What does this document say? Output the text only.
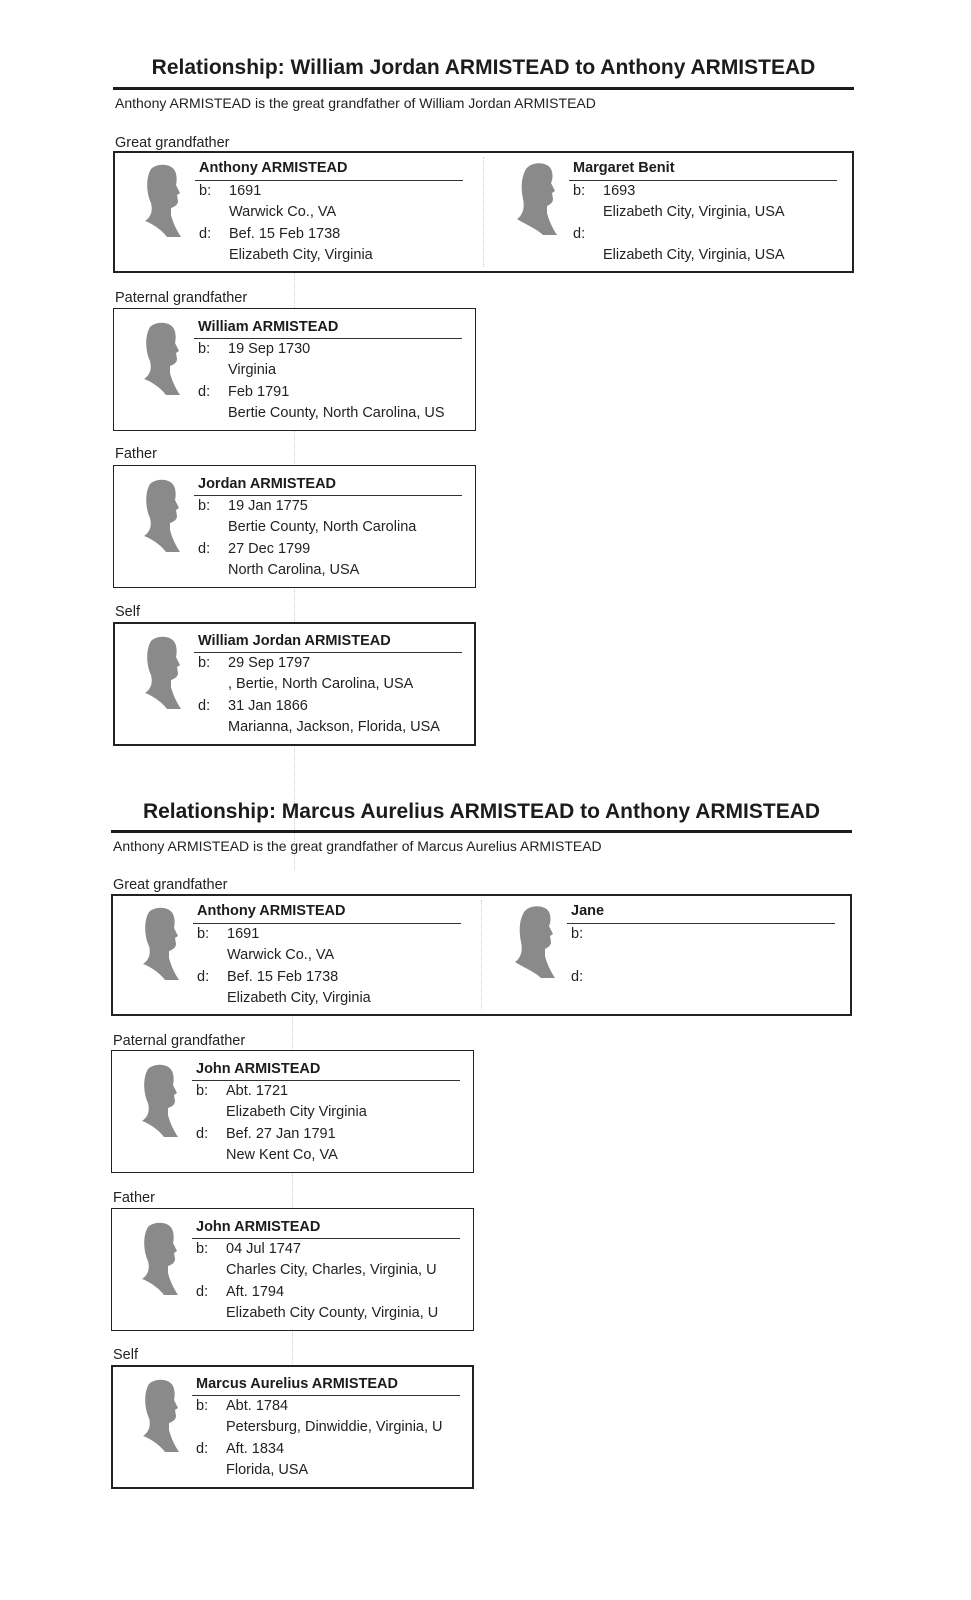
Relationship: William Jordan ARMISTEAD to Anthony ARMISTEAD
Anthony ARMISTEAD is the great grandfather of William Jordan ARMISTEAD
Great grandfather
Anthony ARMISTEAD
b: 1691
Warwick Co., VA
d: Bef. 15 Feb 1738
Elizabeth City, Virginia
Margaret Benit
b: 1693
Elizabeth City, Virginia, USA
d:
Elizabeth City, Virginia, USA
Paternal grandfather
William ARMISTEAD
b: 19 Sep 1730
Virginia
d: Feb 1791
Bertie County, North Carolina, US
Father
Jordan ARMISTEAD
b: 19 Jan 1775
Bertie County, North Carolina
d: 27 Dec 1799
North Carolina, USA
Self
William Jordan ARMISTEAD
b: 29 Sep 1797
, Bertie, North Carolina, USA
d: 31 Jan 1866
Marianna, Jackson, Florida, USA
Relationship: Marcus Aurelius ARMISTEAD to Anthony ARMISTEAD
Anthony ARMISTEAD is the great grandfather of Marcus Aurelius ARMISTEAD
Great grandfather
Anthony ARMISTEAD
b: 1691
Warwick Co., VA
d: Bef. 15 Feb 1738
Elizabeth City, Virginia
Jane
b:
d:
Paternal grandfather
John ARMISTEAD
b: Abt. 1721
Elizabeth City Virginia
d: Bef. 27 Jan 1791
New Kent Co, VA
Father
John ARMISTEAD
b: 04 Jul 1747
Charles City, Charles, Virginia, U
d: Aft. 1794
Elizabeth City County, Virginia, U
Self
Marcus Aurelius ARMISTEAD
b: Abt. 1784
Petersburg, Dinwiddie, Virginia, U
d: Aft. 1834
Florida, USA
